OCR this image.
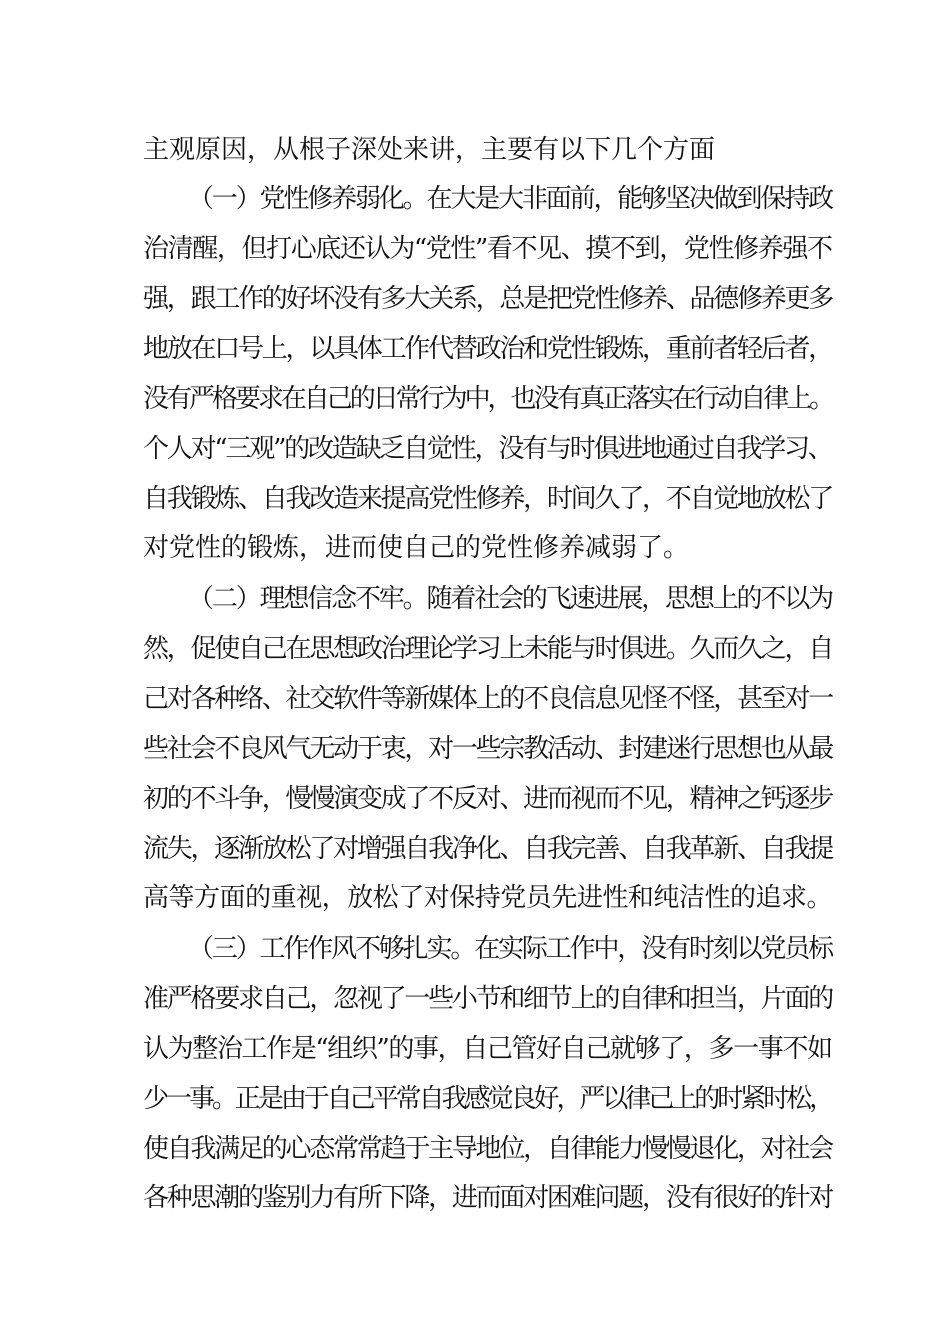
主观原因，从根子深处来讲，主要有以下几个方面
（一）党性修养弱化。在大是大非面前，能够坚决做到保持政
治清醒，但打心底还认为“党性”看不见、摸不到，党性修养强不
强，跟工作的好坏没有多大关系，总是把党性修养、品德修养更多
地放在口号上，以具体工作代替政治和党性锻炼，重前者轻后者，
没有严格要求在自己的日常行为中，也没有真正落实在行动自律上。
个人对“三观”的改造缺乏自觉性，没有与时俱进地通过自我学习、
自我锻炼、自我改造来提高党性修养，时间久了，不自觉地放松了
对党性的锻炼，进而使自己的党性修养减弱了。
（二）理想信念不牢。随着社会的飞速进展，思想上的不以为
然，促使自己在思想政治理论学习上未能与时俱进。久而久之，自
己对各种络、社交软件等新媒体上的不良信息见怪不怪，甚至对一
些社会不良风气无动于衷，对一些宗教活动、封建迷行思想也从最
初的不斗争，慢慢演变成了不反对、进而视而不见，精神之钙逐步
流失，逐渐放松了对增强自我净化、自我完善、自我革新、自我提
高等方面的重视，放松了对保持党员先进性和纯洁性的追求。
（三）工作作风不够扎实。在实际工作中，没有时刻以党员标
准严格要求自己，忽视了一些小节和细节上的自律和担当，片面的
认为整治工作是“组织”的事，自己管好自己就够了，多一事不如
少一事。正是由于自己平常自我感觉良好，严以律己上的时紧时松，
使自我满足的心态常常趋于主导地位，自律能力慢慢退化，对社会
各种思潮的鉴别力有所下降，进而面对困难问题，没有很好的针对
